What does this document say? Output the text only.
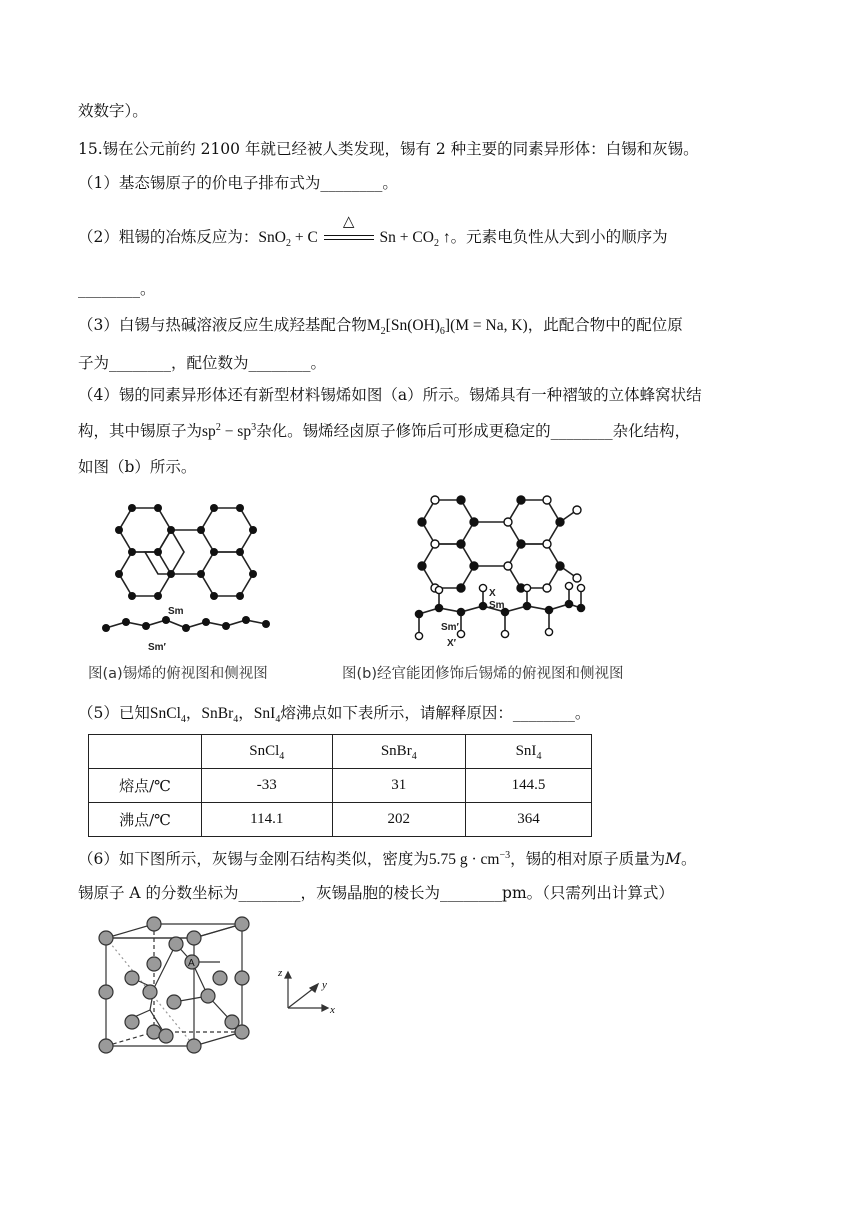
效数字）。
15.锡在公元前约 2100 年就已经被人类发现，锡有 2 种主要的同素异形体：白锡和灰锡。
（1）基态锡原子的价电子排布式为________。
（2）粗锡的冶炼反应为：SnO$_2$ + C
△
$Sn + CO_2$ ↑。元素电负性从大到小的顺序为
________。
（3）白锡与热碱溶液反应生成羟基配合物$M_2[Sn(OH)_6](M = Na$, K)，此配合物中的配位原
子为________，配位数为________。
（4）锡的同素异形体还有新型材料锡烯如图（a）所示。锡烯具有一种褶皱的立体蜂窝状结
构，其中锡原子为$sp^2 - sp^3$杂化。锡烯经卤原子修饰后可形成更稳定的________杂化结构，
如图（b）所示。
Sm
Sm′
图(a)锡烯的俯视图和侧视图
X
Sm
Sm′
X′
图(b)经官能团修饰后锡烯的俯视图和侧视图
（5）已知SnCl$_4$，SnBr$_4$，SnI$_4$熔沸点如下表所示，请解释原因：________。
	SnCl$_4$	SnBr$_4$	SnI$_4$
熔点/℃	-33	31	144.5
沸点/℃	114.1	202	364
（6）如下图所示，灰锡与金刚石结构类似，密度为5.75 $g \cdot cm^{-3}$，锡的相对原子质量为M。
锡原子 A 的分数坐标为________，灰锡晶胞的棱长为________pm。（只需列出计算式）
A
z
y
x
